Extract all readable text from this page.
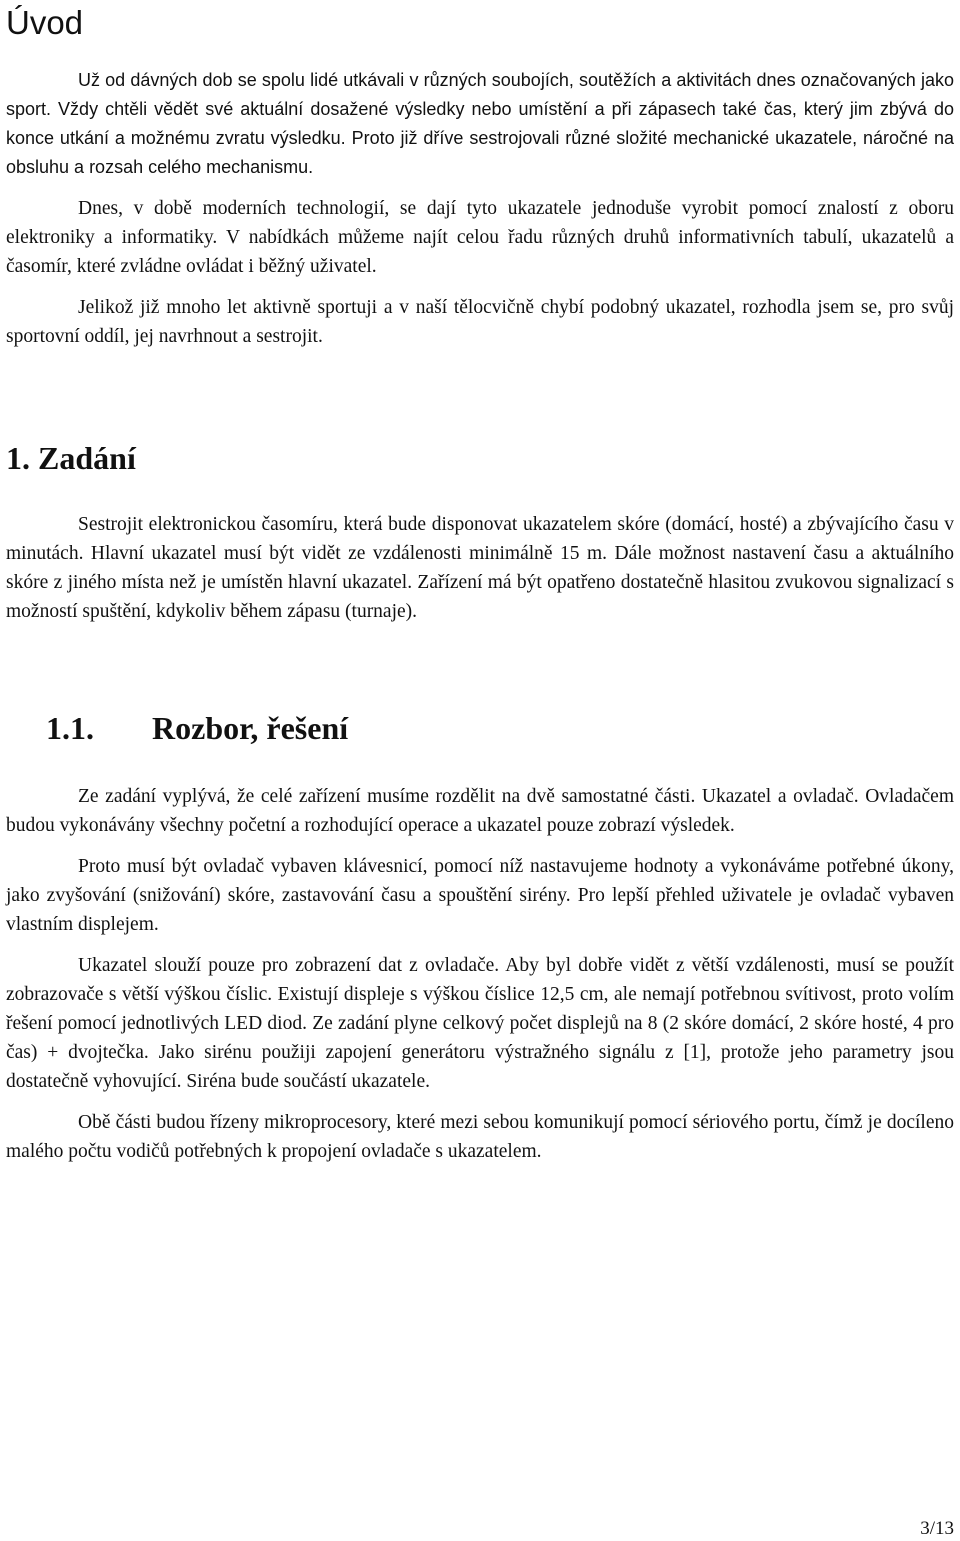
Úvod

Už od dávných dob se spolu lidé utkávali v různých soubojích, soutěžích a aktivitách dnes označovaných jako sport. Vždy chtěli vědět své aktuální dosažené výsledky nebo umístění a při zápasech také čas, který jim zbývá do konce utkání a možnému zvratu výsledku. Proto již dříve sestrojovali různé složité mechanické ukazatele, náročné na obsluhu a rozsah celého mechanismu.

Dnes, v době moderních technologií, se dají tyto ukazatele jednoduše vyrobit pomocí znalostí z oboru elektroniky a informatiky. V nabídkách můžeme najít celou řadu různých druhů informativních tabulí, ukazatelů a časomír, které zvládne ovládat i běžný uživatel.

Jelikož již mnoho let aktivně sportuji a v naší tělocvičně chybí podobný ukazatel, rozhodla jsem se, pro svůj sportovní oddíl, jej navrhnout a sestrojit.

1. Zadání

Sestrojit elektronickou časomíru, která bude disponovat ukazatelem skóre (domácí, hosté) a zbývajícího času v minutách. Hlavní ukazatel musí být vidět ze vzdálenosti minimálně 15 m. Dále možnost nastavení času a aktuálního skóre z jiného místa než je umístěn hlavní ukazatel. Zařízení má být opatřeno dostatečně hlasitou zvukovou signalizací s možností spuštění, kdykoliv během zápasu (turnaje).

1.1. Rozbor, řešení

Ze zadání vyplývá, že celé zařízení musíme rozdělit na dvě samostatné části. Ukazatel a ovladač. Ovladačem budou vykonávány všechny početní a rozhodující operace a ukazatel pouze zobrazí výsledek.

Proto musí být ovladač vybaven klávesnicí, pomocí níž nastavujeme hodnoty a vykonáváme potřebné úkony, jako zvyšování (snižování) skóre, zastavování času a spouštění sirény. Pro lepší přehled uživatele je ovladač vybaven vlastním displejem.

Ukazatel slouží pouze pro zobrazení dat z ovladače. Aby byl dobře vidět z větší vzdálenosti, musí se použít zobrazovače s větší výškou číslic. Existují displeje s výškou číslice 12,5 cm, ale nemají potřebnou svítivost, proto volím řešení pomocí jednotlivých LED diod. Ze zadání plyne celkový počet displejů na 8 (2 skóre domácí, 2 skóre hosté, 4 pro čas) + dvojtečka. Jako sirénu použiji zapojení generátoru výstražného signálu z [1], protože jeho parametry jsou dostatečně vyhovující. Siréna bude součástí ukazatele.

Obě části budou řízeny mikroprocesory, které mezi sebou komunikují pomocí sériového portu, čímž je docíleno malého počtu vodičů potřebných k propojení ovladače s ukazatelem.

3/13
